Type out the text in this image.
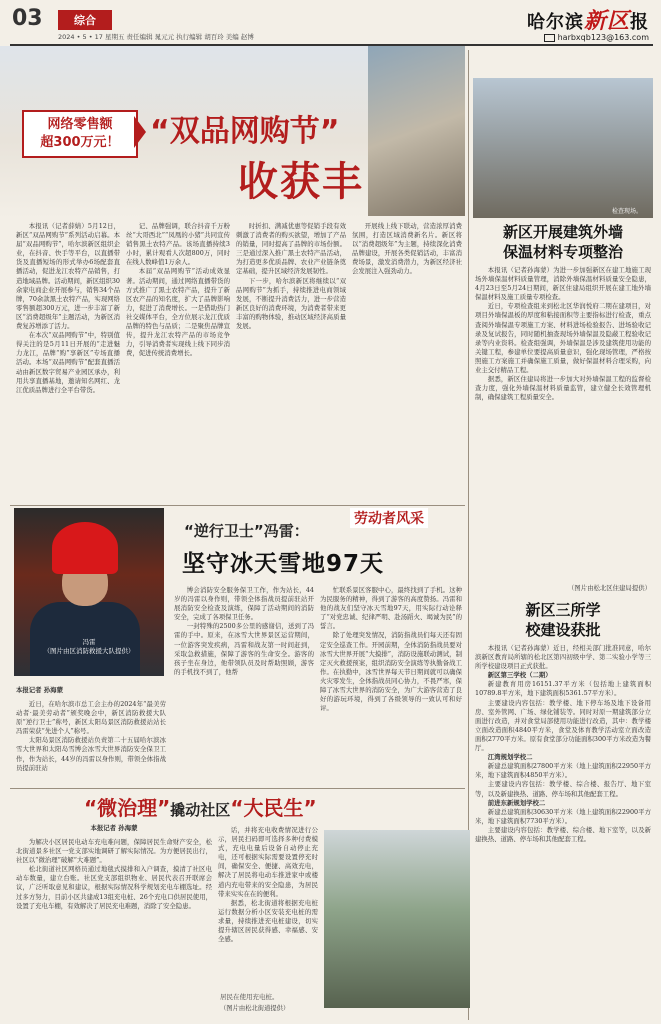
03	综合
2024 • 5 • 17 星期五 责任编辑 晁元元 执行编辑 胡百玲 美编 赵博
哈尔滨新区报
harbxqb123@163.com
网络零售额
超300万元！	“双品网购节”
收获丰

本报讯（记者薛婧）5月12日，新区“双品网购节”系列活动启幕。本届“双品网购节”，哈尔滨新区组织企业，在抖音、快手等平台，以直播带货及直播短场的形式举办6场配套直播活动，促进龙江农特产品销售，打造地域品牌。活动期间，新区组织30余家电商企业开展参与，销售34个品牌，70余款黑土农特产品，实现网络零售额超300万元，进一步丰富了新区“消费超级年”主题活动，为新区消费复苏增添了活力。

在本次“双品网购节”中，特别值得关注的是5月11日开展的“走进魅力龙江，品牌“购”享新区”专场直播活动。本场“双品网购节”配套直播活动由新区数字贸易产业园区承办，利用共享直播基地，邀请知名网红、龙江优质品牌进行全平台带货。

记、品牌强调，联合抖音千万粉丝“大哥西北”“凤凰的小猪”共同宣传销售黑土农特产品。该场直播持续3小时，累计观看人次超800万，同时在线人数峰值1万余人。

本届“双品网购节”活动成效显著。活动期间，通过网络直播带货的方式推广了黑土农特产品，提升了新区农产品的知名度，扩大了品牌影响力，促进了消费增长。一是借助热门社交媒体平台，全方位展示龙江优质品牌的特色与品质；二是聚焦品牌宣传，提升龙江农特产品的市场竞争力，引导消费者实现线上线下同步消费，促进传统消费增长。

时折扣、满减优惠等促销手段有效刺激了消费者的购买欲望，增加了产品的销量，同时提高了品牌的市场份额。三是通过深入推广黑土农特产品活动，为打造更多优质品牌、农业产业链条奠定基础，提升区域经济发展韧性。

下一步，哈尔滨新区将继续以“双品网购节”为抓手，持续推进电商领域发展，不断提升消费活力，进一步营造新区良好的消费环境，为消费者带来更丰富的购物体验，推动区域经济高质量发展。

开展线上线下联动，营造浓厚消费氛围，打造区域消费新名片。新区将以“消费超级年”为主题，持续深化消费品牌建设，开展各类促销活动，丰富消费场景，激发消费潜力，为新区经济社会发展注入强劲动力。

检查现场。
新区开展建筑外墙
保温材料专项整治

本报讯（记者孙海蒙）为进一步加强新区在建工地施工现场外墙保温材料质量管理，消除外墙保温材料质量安全隐患，4月23日至5月24日期间，新区住建局组织开展在建工地外墙保温材料及施工质量专项检查。

近日，专项检查组来到松北区华润悦府二期在建项目，对项目外墙保温板的厚度和粘接面积等主要指标进行检查，重点查阅外墙保温专项施工方案、材料进场检验报告、进场验收记录及复试报告，同时随机抽查现场外墙保温及隐蔽工程验收记录等内业资料。检查组强调，外墙保温是涉及建筑使用功能的关键工程，参建单位要提高质量意识，强化现场管理，严格按照施工方案施工并确保施工质量，做好保温材料合理采购，向业主交付精品工程。

据悉，新区住建局将进一步加大对外墙保温工程的监督检查力度，强化外墙保温材料质量监管，建立健全长效管理机制，确保建筑工程质量安全。

（图片由松北区住建局提供）
新区三所学
校建设获批

本报讯（记者孙海蒙）近日，经相关部门批准同意，哈尔滨新区教育局所辖的松北区第四初级中学、第二实验小学等三所学校建设项目正式获批。

新区第三学校（二期）

新建教育用房16151.37平方米（包括地上建筑面积10789.8平方米，地下建筑面积5361.57平方米）。

主要建设内容包括：教学楼、地下停车场及地下设备用房、室外管网、广场、绿化铺装等。同时对原一期建筑部分立面进行改造，并对食堂局部使用功能进行改造，其中：教学楼立面改造面积4840平方米，食堂及体育教学活动室立面改造面积2770平方米。原有食堂部分功能面积300平方米改造为餐厅。

江湾规划学校二

新建总建筑面积27800平方米（地上建筑面积22950平方米，地下建筑面积4850平方米）。

主要建设内容包括：教学楼、综合楼、报告厅、地下室等，以及新建换热、道路、停车场和其他配套工程。

前进东新规划学校二

新建总建筑面积30630平方米（地上建筑面积22900平方米，地下建筑面积7730平方米）。

主要建设内容包括：教学楼、综合楼、地下室等，以及新建换热、道路、停车场和其他配套工程。

冯雷
（图片由区消防救援大队提供）
本报记者 孙海蒙

近日，在哈尔滨市总工会主办的2024年“最美劳动者·最美劳动者”颁奖晚会中，新区消防救援大队原“逆行卫士”称号，新区太阳岛景区消防救援站站长冯雷荣获“先进个人”称号。

太阳岛景区消防救援站负责第二十五届哈尔滨冰雪大世界和太阳岛雪博会冰雪大世界消防安全保卫工作，作为站长，44岁的冯雷以身作则，带领全体指战员提前驻站

“逆行卫士”冯雷：
劳动者风采
坚守冰天雪地97天

博会消防安全服务保卫工作，作为站长，44岁的冯雷以身作则，带领全体指战员提前驻站开展消防安全检查及演练，保障了活动期间的消防安全，完成了各项保卫任务。

一封特殊的2500多公里的感谢信，送到了冯雷的手中。原来，在冰雪大世界景区运营期间，一位游客突发疾病，冯雷和战友第一时间赶到，采取急救措施，保障了游客的生命安全。游客的孩子坐在身边，他带领队员及时帮助照顾，游客的手机找不到了，他帮

忙联系景区客服中心，最终找到了手机。这种为民服务的精神，得到了游客的高度赞扬。冯雷和他的战友们坚守冰天雪地97天，用实际行动诠释了“对党忠诚、纪律严明、赴汤蹈火、竭诚为民”的誓言。

除了处理突发情况，消防指战员们每天还有固定安全巡查工作。开园前期，全体消防指战员要对冰雪大世界开展“大摸排”，消防设施联动测试，制定灭火救援预案，组织消防安全演练等执勤备战工作。在执勤中，冰雪世界每天节日期间就可以确保火灾零发生，全体指战员同心协力，不畏严寒，保障了冰雪大世界的消防安全，为广大游客营造了良好的游玩环境，得到了各级领导的一致认可和好评。

“微治理”撬动社区“大民生”
本报记者 孙海蒙

为解决小区居民电动车充电难问题，保障居民生命财产安全，松北街道景多社区一党支部实地调研了解实际情况。为方便居民出行，社区以“微治理”破解“大难题”。

松北街道社区网格员通过地毯式摸排和入户调查，摸清了社区电动车数量，建立台账。社区党支部组织物业、居民代表召开联席会议，广泛听取意见和建议，根据实际情况科学规划充电车棚选址。经过多方努力，目前小区共建成13组充电桩、26个充电口供居民使用，设置了充电车棚，有效解决了居民充电难题，消除了安全隐患。

话，并将充电收费情况进行公示，居民扫码即可选择多种付费模式，充电电量后设备自动停止充电，还可根据实际需要设置停充时间，确保安全、便捷、高效充电，解决了居民将电动车推进家中或楼道内充电带来的安全隐患，为居民带来实实在在的便利。

据悉，松北街道将根据充电桩运行数据分析小区安装充电桩的需求量，持续推进充电桩建设，切实提升辖区居民获得感、幸福感、安全感。

居民在使用充电桩。
（图片由松北街道提供）
